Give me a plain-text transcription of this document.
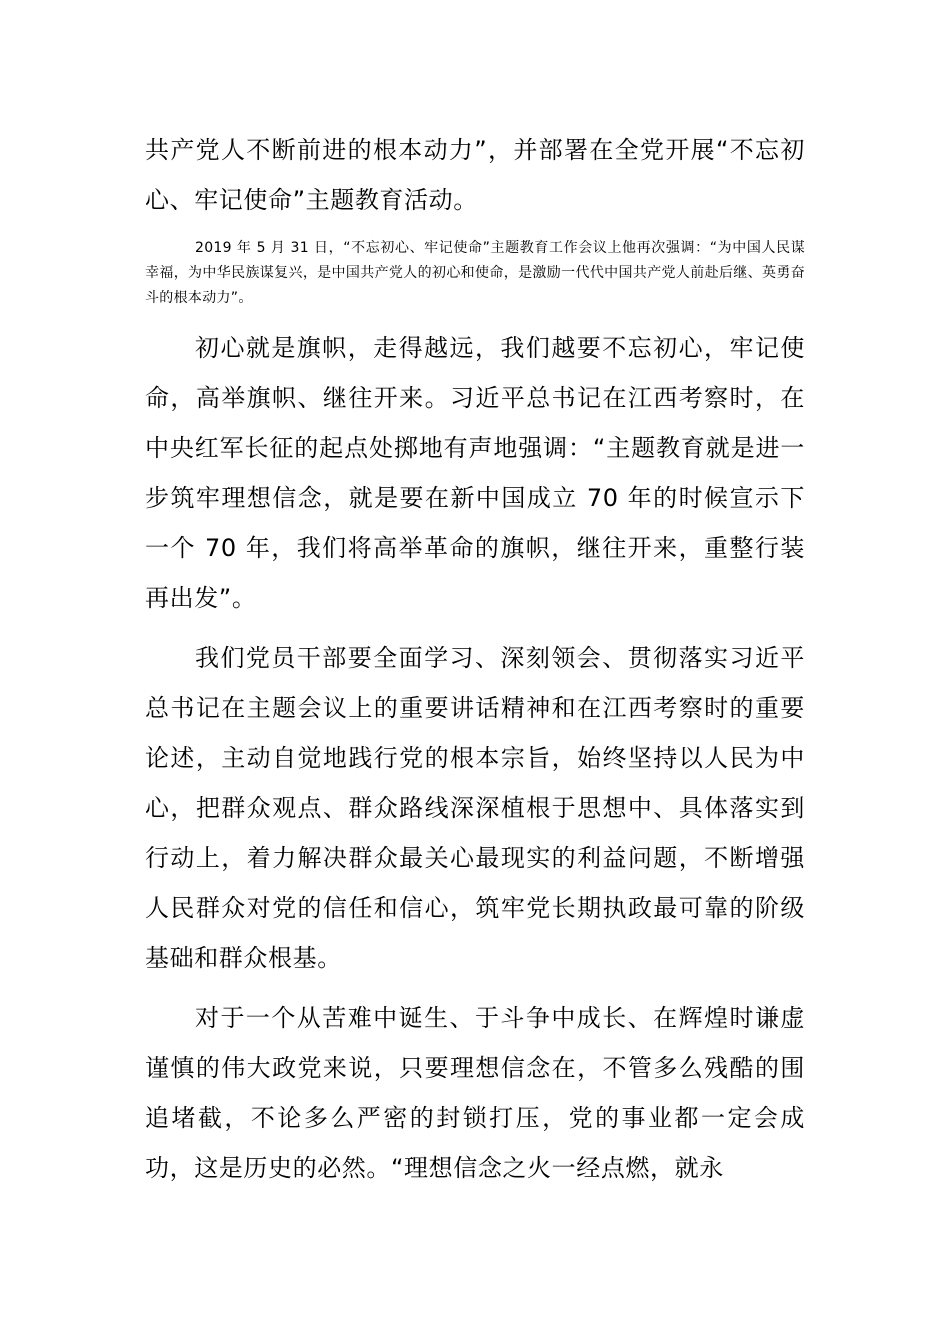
共产党人不断前进的根本动力”，并部署在全党开展“不忘初心、牢记使命”主题教育活动。

2019 年 5 月 31 日，“不忘初心、牢记使命”主题教育工作会议上他再次强调：“为中国人民谋幸福，为中华民族谋复兴，是中国共产党人的初心和使命，是激励一代代中国共产党人前赴后继、英勇奋斗的根本动力”。

初心就是旗帜，走得越远，我们越要不忘初心，牢记使命，高举旗帜、继往开来。习近平总书记在江西考察时，在中央红军长征的起点处掷地有声地强调：“主题教育就是进一步筑牢理想信念，就是要在新中国成立 70 年的时候宣示下一个 70 年，我们将高举革命的旗帜，继往开来，重整行装再出发”。

我们党员干部要全面学习、深刻领会、贯彻落实习近平总书记在主题会议上的重要讲话精神和在江西考察时的重要论述，主动自觉地践行党的根本宗旨，始终坚持以人民为中心，把群众观点、群众路线深深植根于思想中、具体落实到行动上，着力解决群众最关心最现实的利益问题，不断增强人民群众对党的信任和信心，筑牢党长期执政最可靠的阶级基础和群众根基。

对于一个从苦难中诞生、于斗争中成长、在辉煌时谦虚谨慎的伟大政党来说，只要理想信念在，不管多么残酷的围追堵截，不论多么严密的封锁打压，党的事业都一定会成功，这是历史的必然。“理想信念之火一经点燃，就永
